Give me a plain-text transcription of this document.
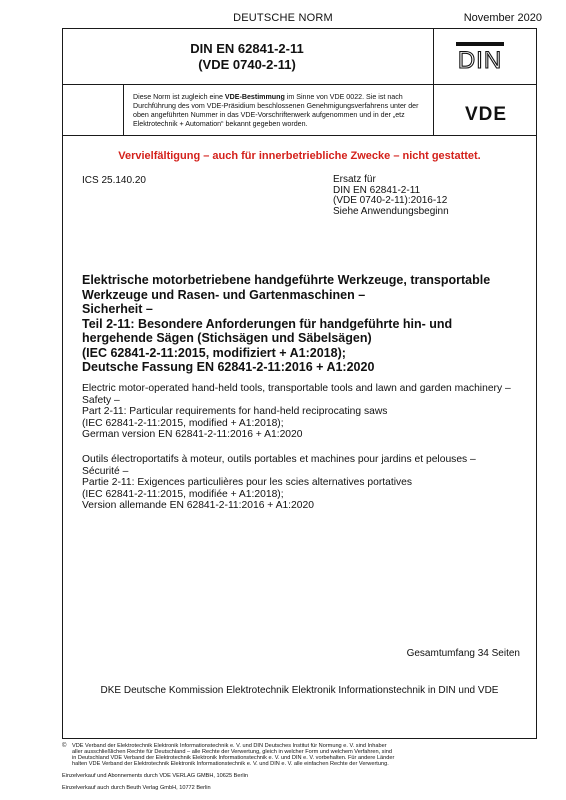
DEUTSCHE NORM	November 2020
DIN EN 62841-2-11
(VDE 0740-2-11)	DIN
VDE
Diese Norm ist zugleich eine VDE-Bestimmung im Sinne von VDE 0022. Sie ist nach Durchführung des vom VDE-Präsidium beschlossenen Genehmigungsverfahrens unter der oben angeführten Nummer in das VDE-Vorschriftenwerk aufgenommen und in der „etz Elektrotechnik + Automation“ bekannt gegeben worden.
Vervielfältigung – auch für innerbetriebliche Zwecke – nicht gestattet.
ICS 25.140.20	Ersatz für
DIN EN 62841-2-11
(VDE 0740-2-11):2016-12
Siehe Anwendungsbeginn
Elektrische motorbetriebene handgeführte Werkzeuge, transportable
Werkzeuge und Rasen- und Gartenmaschinen –
Sicherheit –
Teil 2-11: Besondere Anforderungen für handgeführte hin- und
hergehende Sägen (Stichsägen und Säbelsägen)
(IEC 62841-2-11:2015, modifiziert + A1:2018);
Deutsche Fassung EN 62841-2-11:2016 + A1:2020
Electric motor-operated hand-held tools, transportable tools and lawn and garden machinery –
Safety –
Part 2-11: Particular requirements for hand-held reciprocating saws
(IEC 62841-2-11:2015, modified + A1:2018);
German version EN 62841-2-11:2016 + A1:2020
Outils électroportatifs à moteur, outils portables et machines pour jardins et pelouses –
Sécurité –
Partie 2-11: Exigences particulières pour les scies alternatives portatives
(IEC 62841-2-11:2015, modifiée + A1:2018);
Version allemande EN 62841-2-11:2016 + A1:2020
Gesamtumfang 34 Seiten
DKE Deutsche Kommission Elektrotechnik Elektronik Informationstechnik in DIN und VDE
© VDE Verband der Elektrotechnik Elektronik Informationstechnik e. V. und DIN Deutsches Institut für Normung e. V. sind Inhaber
aller ausschließlichen Rechte für Deutschland – alle Rechte der Verwertung, gleich in welcher Form und welchem Verfahren, sind
in Deutschland VDE Verband der Elektrotechnik Elektronik Informationstechnik e. V. und DIN e. V. vorbehalten. Für andere Länder
halten VDE Verband der Elektrotechnik Elektronik Informationstechnik e. V. und DIN e. V. alle einfachen Rechte der Verwertung.
Einzelverkauf und Abonnements durch VDE VERLAG GMBH, 10625 Berlin
Einzelverkauf auch durch Beuth Verlag GmbH, 10772 Berlin
